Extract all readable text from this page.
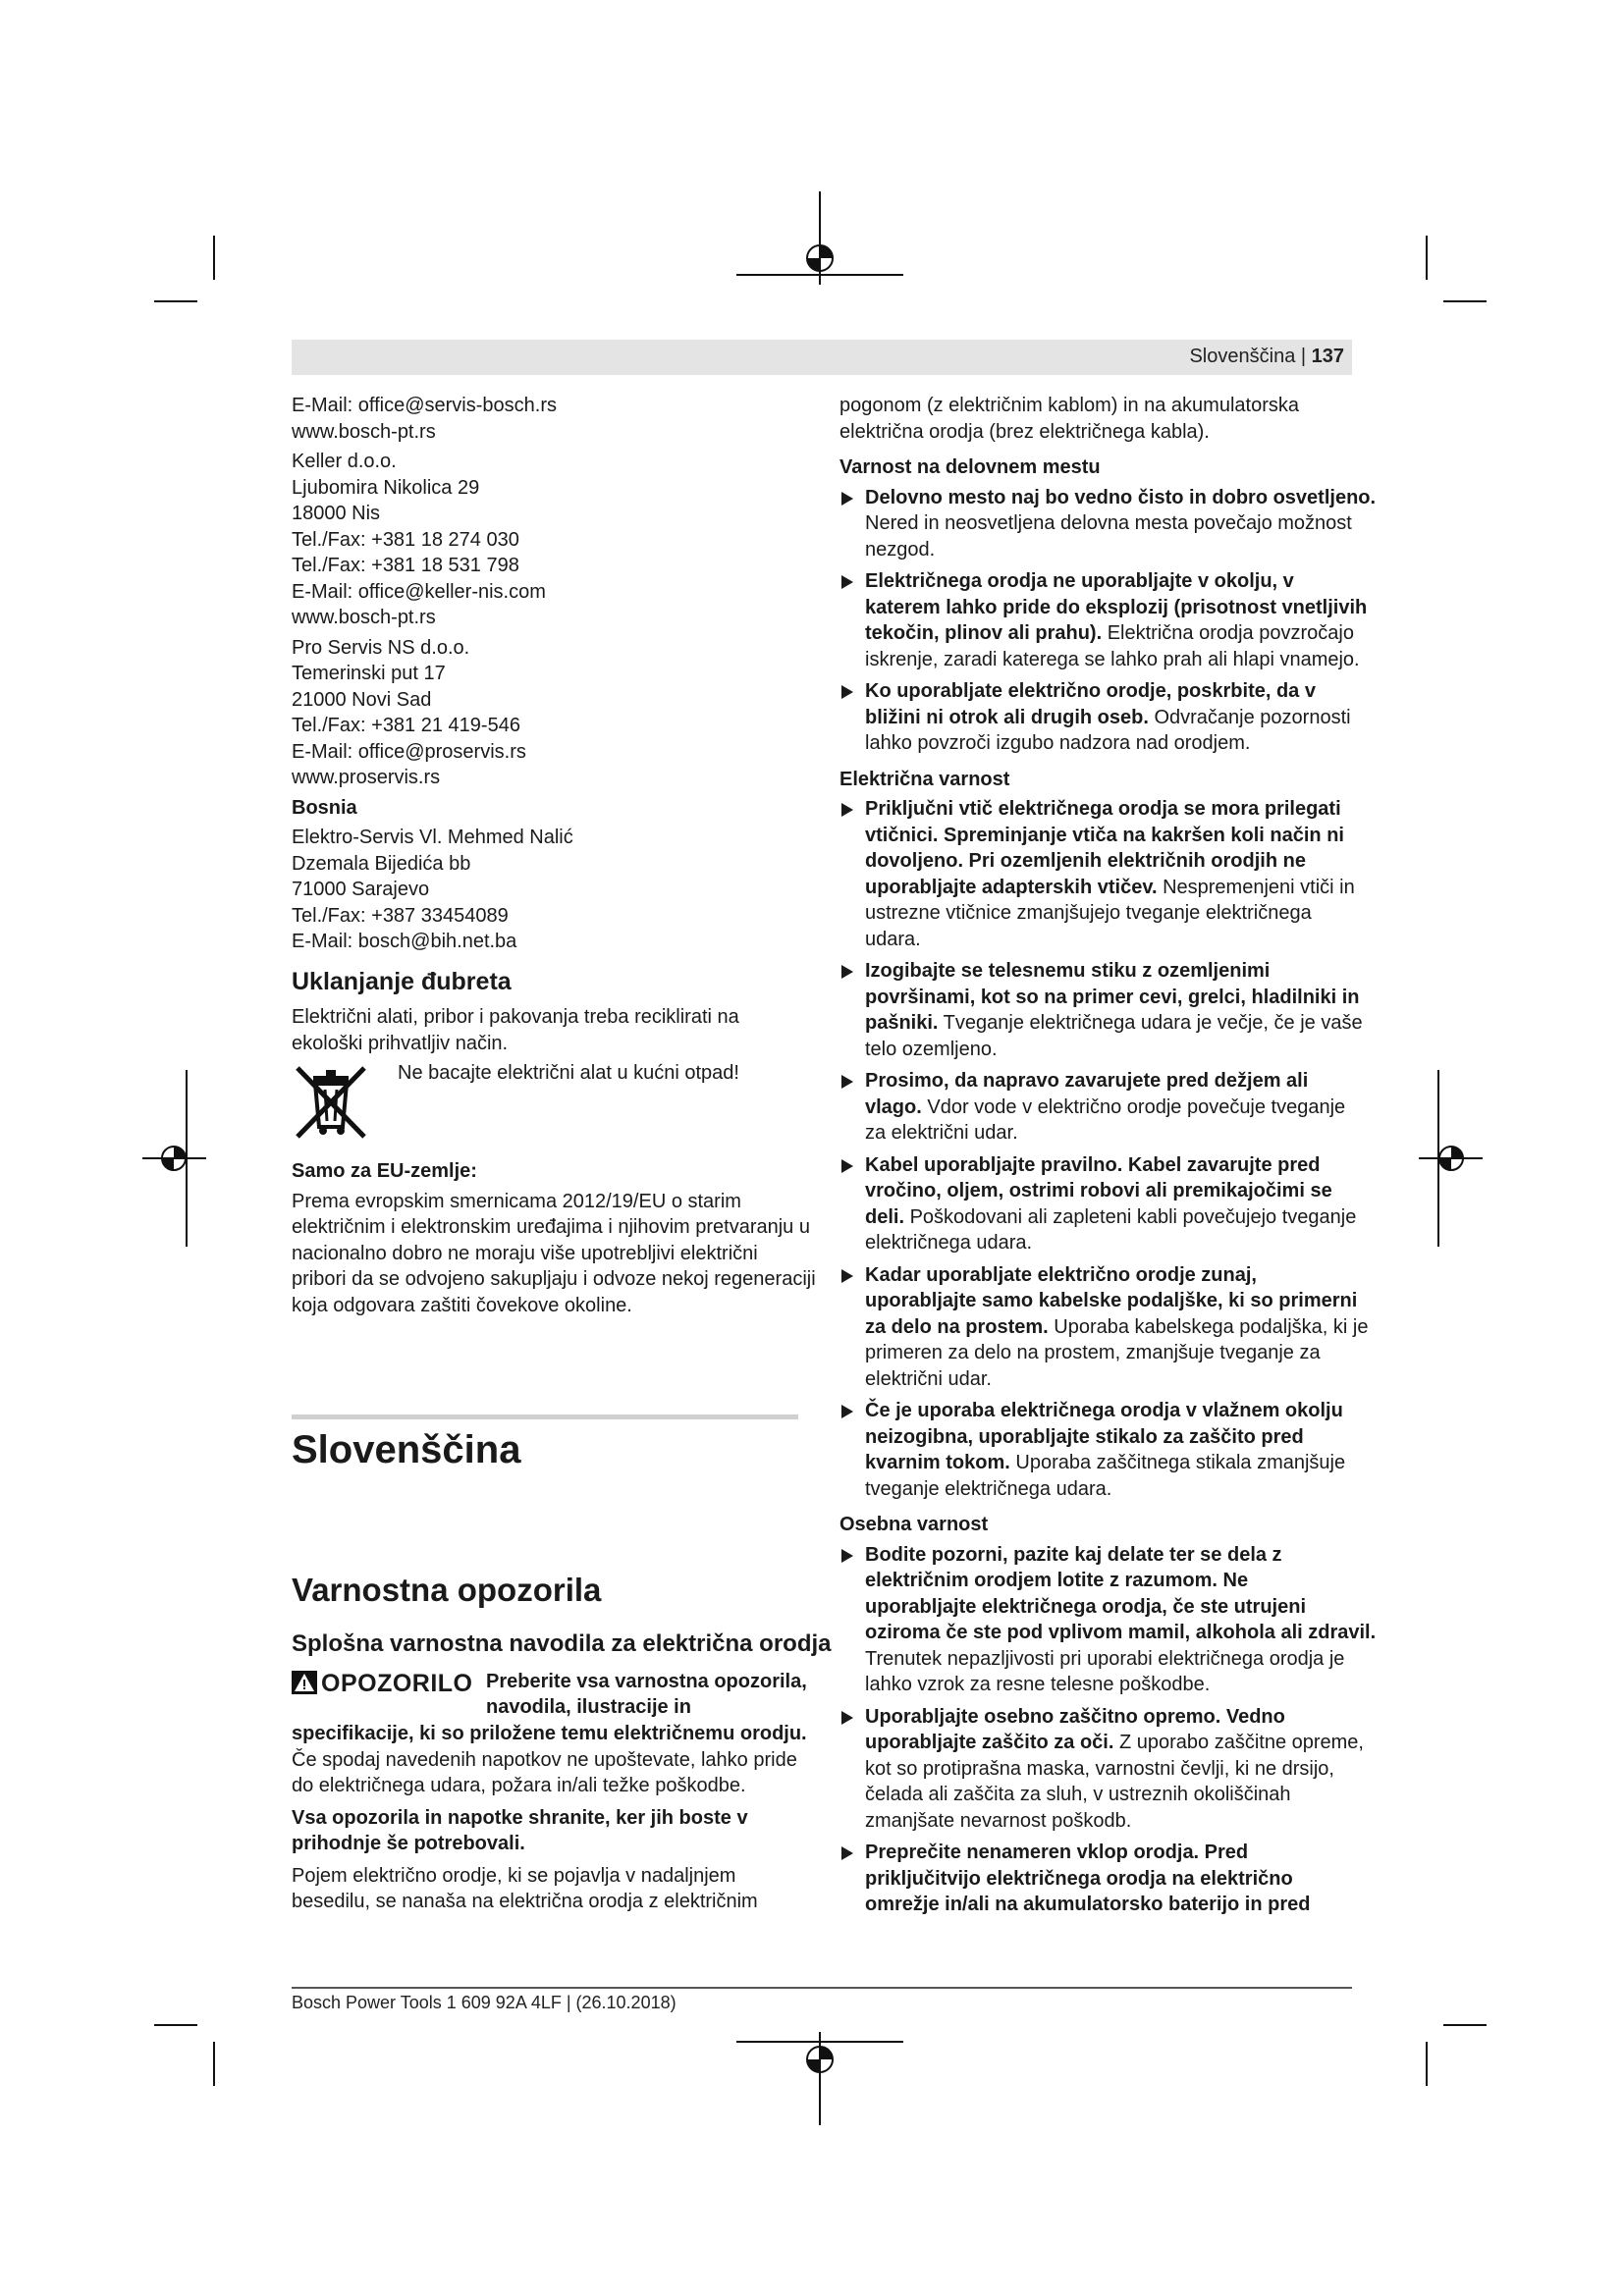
Slovenščina | 137
E-Mail: office@servis-bosch.rs
www.bosch-pt.rs
Keller d.o.o.
Ljubomira Nikolica 29
18000 Nis
Tel./Fax: +381 18 274 030
Tel./Fax: +381 18 531 798
E-Mail: office@keller-nis.com
www.bosch-pt.rs
Pro Servis NS d.o.o.
Temerinski put 17
21000 Novi Sad
Tel./Fax: +381 21 419-546
E-Mail: office@proservis.rs
www.proservis.rs
Bosnia
Elektro-Servis Vl. Mehmed Nalić
Dzemala Bijedića bb
71000 Sarajevo
Tel./Fax: +387 33454089
E-Mail: bosch@bih.net.ba
Uklanjanje đubreta
Električni alati, pribor i pakovanja treba reciklirati na
ekološki prihvatljiv način.
Ne bacajte električni alat u kućni otpad!
Samo za EU-zemlje:
Prema evropskim smernicama 2012/19/EU o starim
električnim i elektronskim uređajima i njihovim pretvaranju u
nacionalno dobro ne moraju više upotrebljivi električni
pribori da se odvojeno sakupljaju i odvoze nekoj regeneraciji
koja odgovara zaštiti čovekove okoline.
Slovenščina
Varnostna opozorila
Splošna varnostna navodila za električna orodja
OPOZORILO Preberite vsa varnostna opozorila,
navodila, ilustracije in
specifikacije, ki so priložene temu električnemu orodju.
Če spodaj navedenih napotkov ne upoštevate, lahko pride
do električnega udara, požara in/ali težke poškodbe.
Vsa opozorila in napotke shranite, ker jih boste v
prihodnje še potrebovali.
Pojem električno orodje, ki se pojavlja v nadaljnjem
besedilu, se nanaša na električna orodja z električnim
pogonom (z električnim kablom) in na akumulatorska
električna orodja (brez električnega kabla).
Varnost na delovnem mestu
Delovno mesto naj bo vedno čisto in dobro osvetljeno.
Nered in neosvetljena delovna mesta povečajo možnost
nezgod.
Električnega orodja ne uporabljajte v okolju, v
katerem lahko pride do eksplozij (prisotnost vnetljivih
tekočin, plinov ali prahu). Električna orodja povzročajo
iskrenje, zaradi katerega se lahko prah ali hlapi vnamejo.
Ko uporabljate električno orodje, poskrbite, da v
bližini ni otrok ali drugih oseb. Odvračanje pozornosti
lahko povzroči izgubo nadzora nad orodjem.
Električna varnost
Priključni vtič električnega orodja se mora prilegati
vtičnici. Spreminjanje vtiča na kakršen koli način ni
dovoljeno. Pri ozemljenih električnih orodjih ne
uporabljajte adapterskih vtičev. Nespremenjeni vtiči in
ustrezne vtičnice zmanjšujejo tveganje električnega
udara.
Izogibajte se telesnemu stiku z ozemljenimi
površinami, kot so na primer cevi, grelci, hladilniki in
pašniki. Tveganje električnega udara je večje, če je vaše
telo ozemljeno.
Prosimo, da napravo zavarujete pred dežjem ali
vlago. Vdor vode v električno orodje povečuje tveganje
za električni udar.
Kabel uporabljajte pravilno. Kabel zavarujte pred
vročino, oljem, ostrimi robovi ali premikajočimi se
deli. Poškodovani ali zapleteni kabli povečujejo tveganje
električnega udara.
Kadar uporabljate električno orodje zunaj,
uporabljajte samo kabelske podaljške, ki so primerni
za delo na prostem. Uporaba kabelskega podaljška, ki je
primeren za delo na prostem, zmanjšuje tveganje za
električni udar.
Če je uporaba električnega orodja v vlažnem okolju
neizogibna, uporabljajte stikalo za zaščito pred
kvarnim tokom. Uporaba zaščitnega stikala zmanjšuje
tveganje električnega udara.
Osebna varnost
Bodite pozorni, pazite kaj delate ter se dela z
električnim orodjem lotite z razumom. Ne
uporabljajte električnega orodja, če ste utrujeni
oziroma če ste pod vplivom mamil, alkohola ali zdravil.
Trenutek nepazljivosti pri uporabi električnega orodja je
lahko vzrok za resne telesne poškodbe.
Uporabljajte osebno zaščitno opremo. Vedno
uporabljajte zaščito za oči. Z uporabo zaščitne opreme,
kot so protiprašna maska, varnostni čevlji, ki ne drsijo,
čelada ali zaščita za sluh, v ustreznih okoliščinah
zmanjšate nevarnost poškodb.
Preprečite nenameren vklop orodja. Pred
priključitvijo električnega orodja na električno
omrežje in/ali na akumulatorsko baterijo in pred
Bosch Power Tools 1 609 92A 4LF | (26.10.2018)
